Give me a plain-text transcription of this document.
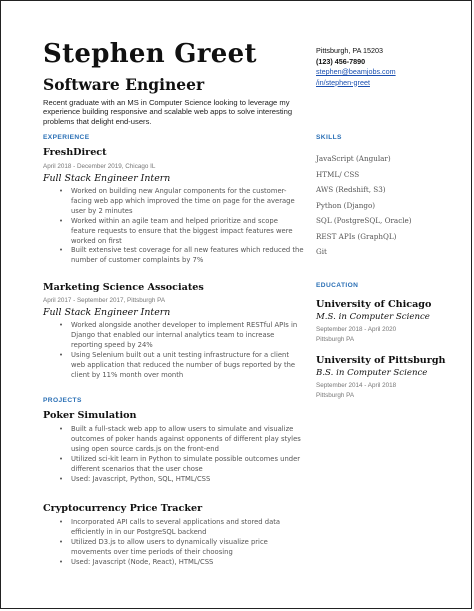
Stephen Greet
Software Engineer
Recent graduate with an MS in Computer Science looking to leverage my experience building responsive and scalable web apps to solve interesting problems that delight end-users.
Pittsburgh, PA 15203
(123) 456-7890
stephen@beamjobs.com
/in/stephen-greet
EXPERIENCE
FreshDirect
April 2018 - December 2019, Chicago IL
Full Stack Engineer Intern
• Worked on building new Angular components for the customer-facing web app which improved the time on page for the average user by 2 minutes
• Worked within an agile team and helped prioritize and scope feature requests to ensure that the biggest impact features were worked on first
• Built extensive test coverage for all new features which reduced the number of customer complaints by 7%
Marketing Science Associates
April 2017 - September 2017, Pittsburgh PA
Full Stack Engineer Intern
• Worked alongside another developer to implement RESTful APIs in Django that enabled our internal analytics team to increase reporting speed by 24%
• Using Selenium built out a unit testing infrastructure for a client web application that reduced the number of bugs reported by the client by 11% month over month
PROJECTS
Poker Simulation
• Built a full-stack web app to allow users to simulate and visualize outcomes of poker hands against opponents of different play styles using open source cards.js on the front-end
• Utilized sci-kit learn in Python to simulate possible outcomes under different scenarios that the user chose
• Used: Javascript, Python, SQL, HTML/CSS
Cryptocurrency Price Tracker
• Incorporated API calls to several applications and stored data efficiently in in our PostgreSQL backend
• Utilized D3.js to allow users to dynamically visualize price movements over time periods of their choosing
• Used: Javascript (Node, React), HTML/CSS
SKILLS
JavaScript (Angular)
HTML/ CSS
AWS (Redshift, S3)
Python (Django)
SQL (PostgreSQL, Oracle)
REST APIs (GraphQL)
Git
EDUCATION
University of Chicago
M.S. in Computer Science
September 2018 - April 2020
Pittsburgh PA
University of Pittsburgh
B.S. in Computer Science
September 2014 - April 2018
Pittsburgh PA
